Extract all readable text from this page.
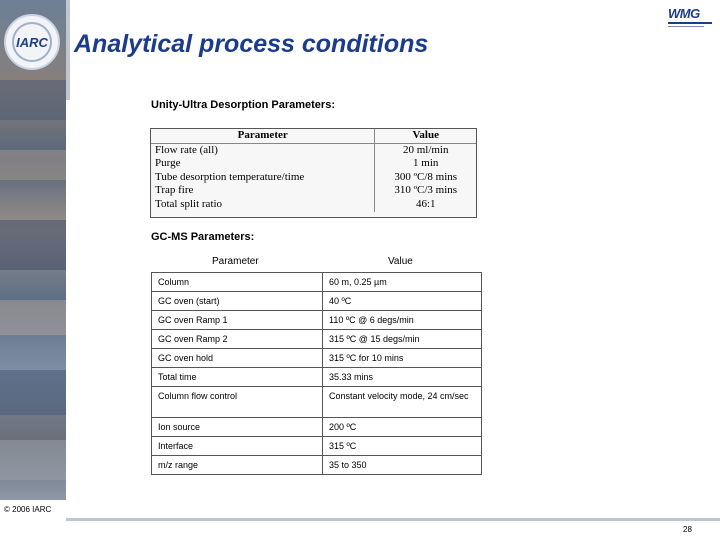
IARC	Analytical process conditions
WMG
Unity-Ultra Desorption Parameters:
Parameter	Value
Flow rate (all)	20 ml/min
Purge	1 min
Tube desorption temperature/time	300 ºC/8 mins
Trap fire	310 ºC/3 mins
Total split ratio	46:1
GC-MS Parameters:
Parameter	Value
Column	60 m, 0.25 µm
GC oven (start)	40 ºC
GC oven Ramp 1	110 ºC @ 6 degs/min
GC oven Ramp 2	315 ºC @ 15 degs/min
GC oven hold	315 ºC for 10 mins
Total time	35.33 mins
Column flow control	Constant velocity mode, 24 cm/sec
Ion source	200 ºC
Interface	315 ºC
m/z range	35 to 350
© 2006 IARC
28
